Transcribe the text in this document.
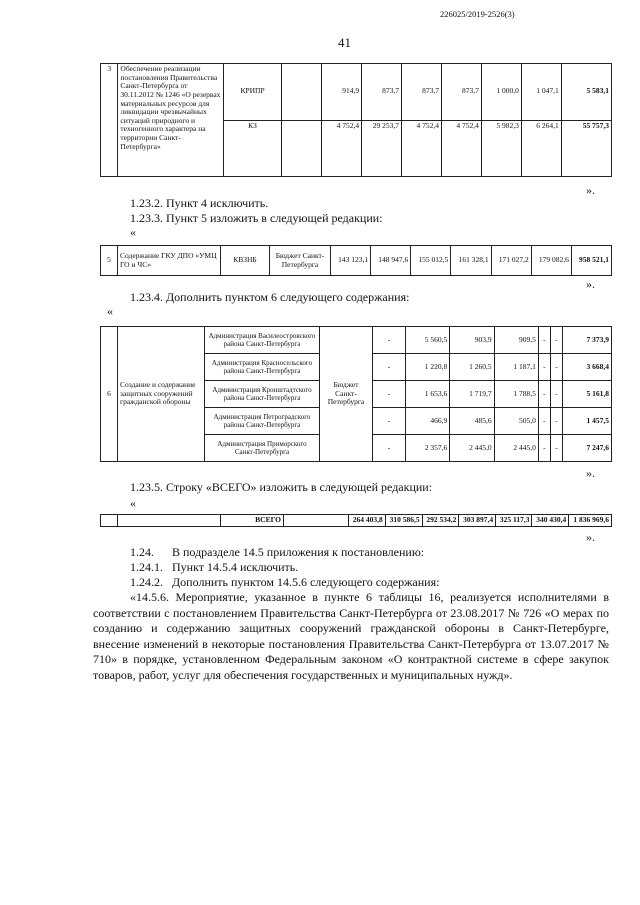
226025/2019-2526(3)
41
3	Обеспечение реализации постановления Правительства Санкт-Петербурга от 30.11.2012 № 1246 «О резервах материальных ресурсов для ликвидации чрезвычайных ситуаций природного и техногенного характера на территории Санкт-Петербурга»	КРИПР		914,9	873,7	873,7	873,7	1 000,0	1 047,1	5 583,1
		КЗ		4 752,4	29 253,7	4 752,4	4 752,4	5 982,3	6 264,1	55 757,3
».
1.23.2. Пункт 4 исключить.
1.23.3. Пункт 5 изложить в следующей редакции:
«
5	Содержание ГКУ ДПО «УМЦ ГО и ЧС»	КВЗНБ	Бюджет Санкт-Петербурга	143 123,1	148 947,6	155 012,5	161 328,1	171 027,2	179 082,6	958 521,1
».
1.23.4. Дополнить пунктом 6 следующего содержания:
«
6	Создание и содержание защитных сооружений гражданской обороны	Администрация Василеостровского района Санкт-Петербурга	Бюджет Санкт-Петербурга	-	5 560,5	903,9	909,5	-	-	7 373,9
		Администрация Красносельского района Санкт-Петербурга		-	1 220,8	1 260,5	1 187,1	-	-	3 668,4
		Администрация Кронштадтского района Санкт-Петербурга		-	1 653,6	1 719,7	1 788,5	-	-	5 161,8
		Администрация Петроградского района Санкт-Петербурга		-	466,9	485,6	505,0	-	-	1 457,5
		Администрация Приморского Санкт-Петербурга		-	2 357,6	2 445,0	2 445,0	-	-	7 247,6
».
1.23.5. Строку «ВСЕГО» изложить в следующей редакции:
«
		ВСЕГО		264 403,8	310 586,5	292 534,2	303 897,4	325 117,3	340 430,4	1 836 969,6
».
1.24.      В подразделе 14.5 приложения к постановлению:
1.24.1.   Пункт 14.5.4 исключить.
1.24.2.   Дополнить пунктом 14.5.6 следующего содержания:
«14.5.6. Мероприятие, указанное в пункте 6 таблицы 16, реализуется исполнителями в соответствии с постановлением Правительства Санкт-Петербурга от 23.08.2017 № 726 «О мерах по созданию и содержанию защитных сооружений гражданской обороны в Санкт-Петербурге, внесение изменений в некоторые постановления Правительства Санкт-Петербурга от 13.07.2017 № 710» в порядке, установленном Федеральным законом «О контрактной системе в сфере закупок товаров, работ, услуг для обеспечения государственных и муниципальных нужд».
